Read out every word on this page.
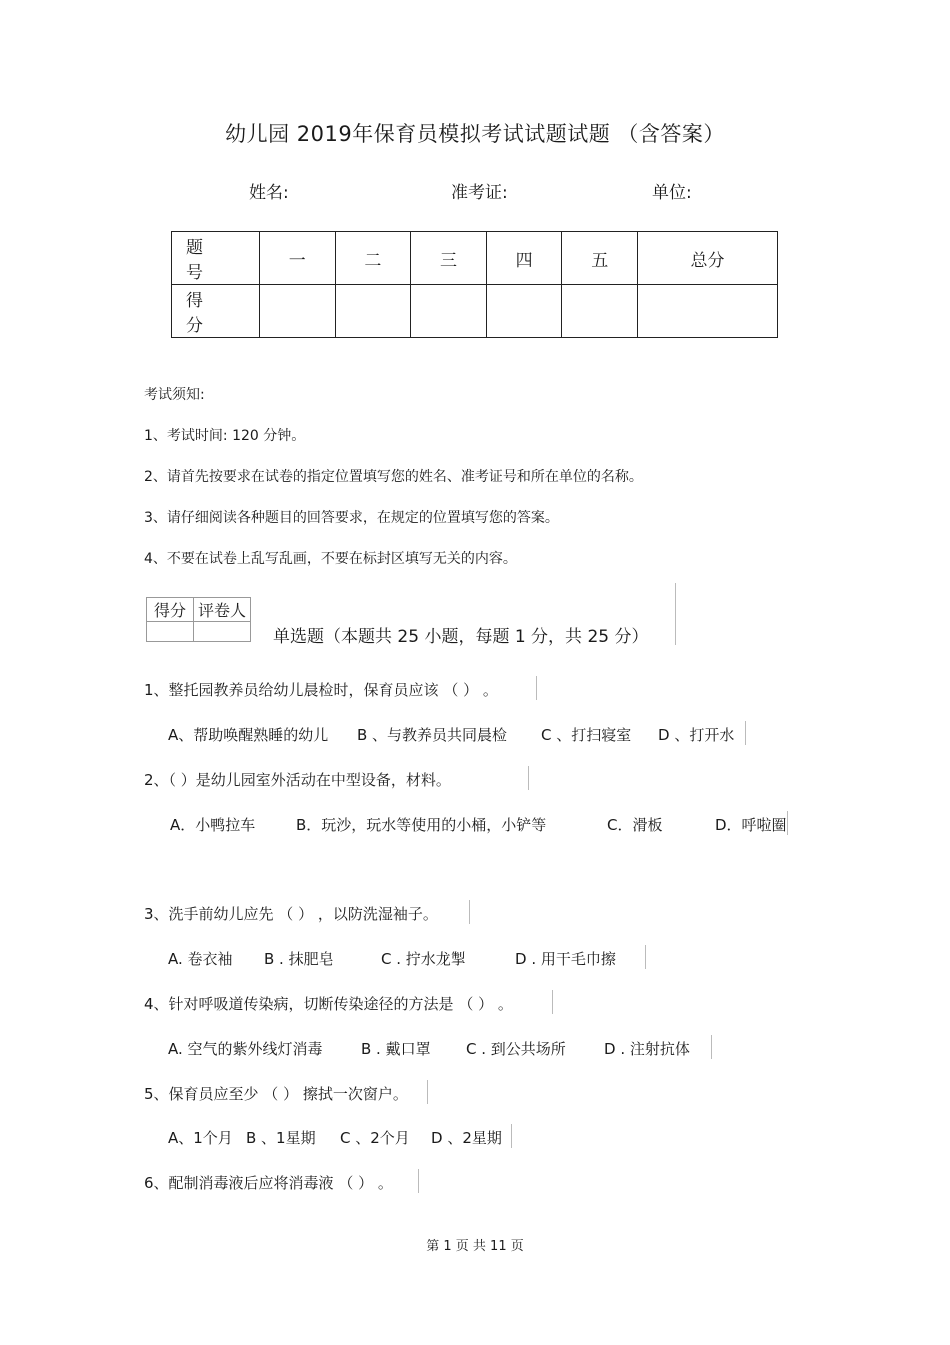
幼儿园 2019年保育员模拟考试试题试题 （含答案）
姓名:	准考证:	单位:
题 号	一	二	三	四	五	总分
得 分						
考试须知:
1、考试时间: 120 分钟。
2、请首先按要求在试卷的指定位置填写您的姓名、准考证号和所在单位的名称。
3、请仔细阅读各种题目的回答要求，在规定的位置填写您的答案。
4、不要在试卷上乱写乱画，不要在标封区填写无关的内容。
得分	评卷人

单选题（本题共 25 小题，每题 1 分，共 25 分）
1、整托园教养员给幼儿晨检时，保育员应该 （ ） 。
A、帮助唤醒熟睡的幼儿 B 、与教养员共同晨检 C 、打扫寝室 D 、打开水
2、（ ）是幼儿园室外活动在中型设备，材料。
A．小鸭拉车	B．玩沙，玩水等使用的小桶，小铲等	C．滑板	D．呼啦圈
3、洗手前幼儿应先 （ ） ，以防洗湿袖子。
A. 卷衣袖 B . 抹肥皂	C . 拧水龙掣	D . 用干毛巾擦
4、针对呼吸道传染病，切断传染途径的方法是 （ ） 。
A. 空气的紫外线灯消毒	B . 戴口罩 C . 到公共场所	D . 注射抗体
5、保育员应至少 （ ） 擦拭一次窗户。
A、1个月 B 、1星期 C 、2个月 D 、2星期
6、配制消毒液后应将消毒液 （ ） 。
第 1 页 共 11 页
